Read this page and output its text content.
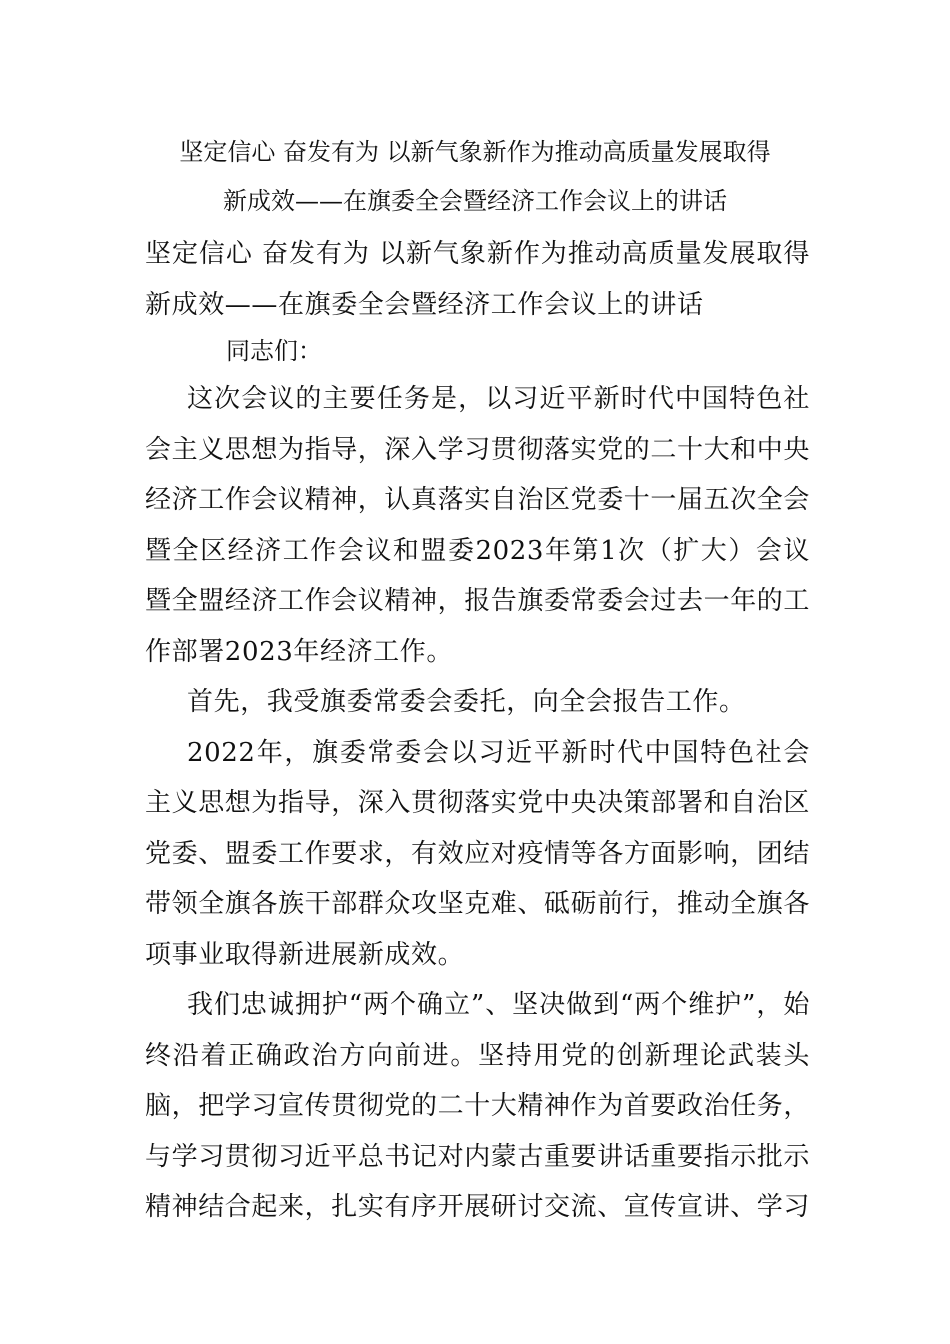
坚定信心 奋发有为 以新气象新作为推动高质量发展取得
新成效——在旗委全会暨经济工作会议上的讲话
坚定信心 奋发有为 以新气象新作为推动高质量发展取得新成效——在旗委全会暨经济工作会议上的讲话
同志们：

这次会议的主要任务是，以习近平新时代中国特色社会主义思想为指导，深入学习贯彻落实党的二十大和中央经济工作会议精神，认真落实自治区党委十一届五次全会暨全区经济工作会议和盟委2023年第1次（扩大）会议暨全盟经济工作会议精神，报告旗委常委会过去一年的工作部署2023年经济工作。

首先，我受旗委常委会委托，向全会报告工作。

2022年，旗委常委会以习近平新时代中国特色社会主义思想为指导，深入贯彻落实党中央决策部署和自治区党委、盟委工作要求，有效应对疫情等各方面影响，团结带领全旗各族干部群众攻坚克难、砥砺前行，推动全旗各项事业取得新进展新成效。

我们忠诚拥护“两个确立”、坚决做到“两个维护”，始终沿着正确政治方向前进。坚持用党的创新理论武装头脑，把学习宣传贯彻党的二十大精神作为首要政治任务，与学习贯彻习近平总书记对内蒙古重要讲话重要指示批示精神结合起来，扎实有序开展研讨交流、宣传宣讲、学习
